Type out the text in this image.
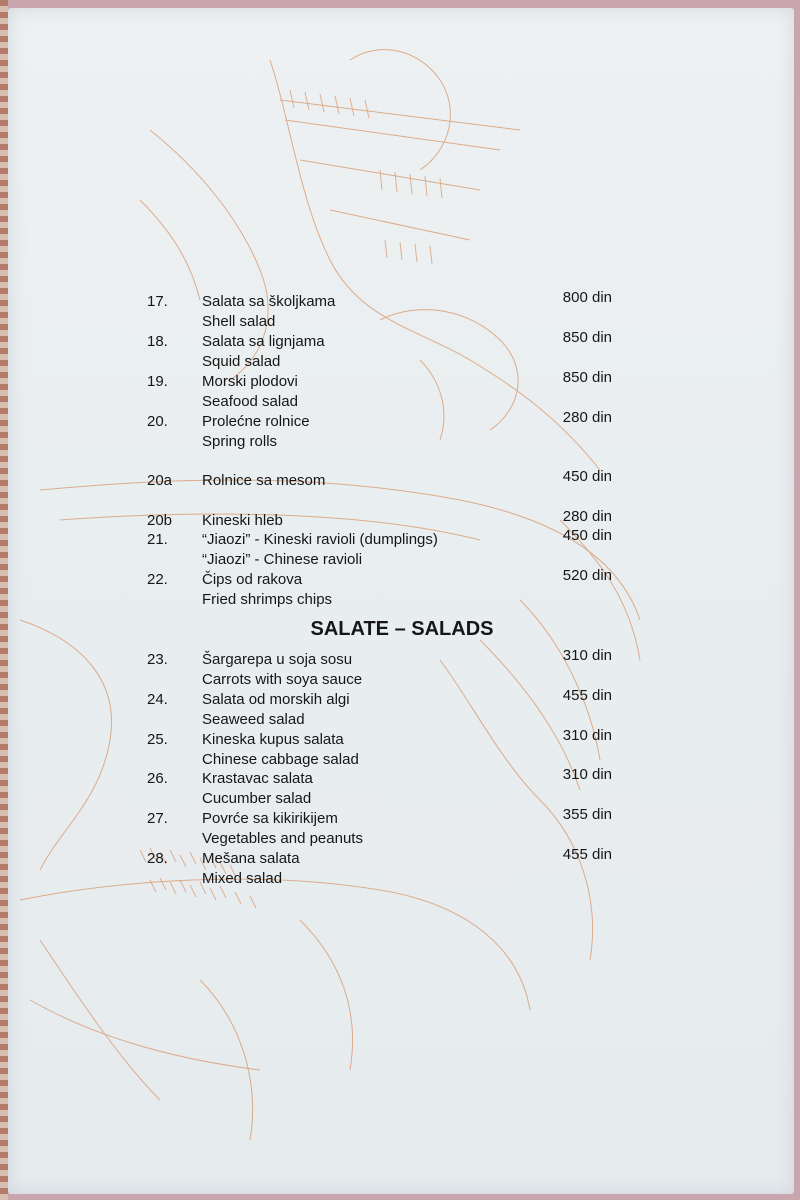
17. Salata sa školjkama
Shell salad
800 din
18. Salata sa lignjama
Squid salad
850 din
19. Morski plodovi
Seafood salad
850 din
20. Prolećne rolnice
Spring rolls
280 din
20a Rolnice sa mesom	450 din
20b Kineski hleb	280 din
21. “Jiaozi” - Kineski ravioli (dumplings)
“Jiaozi” - Chinese ravioli
450 din
22. Čips od rakova
Fried shrimps chips
520 din
SALATE – SALADS
23. Šargarepa u soja sosu
Carrots with soya sauce
310 din
24. Salata od morskih algi
Seaweed salad
455 din
25. Kineska kupus salata
Chinese cabbage salad
310 din
26. Krastavac salata
Cucumber salad
310 din
27. Povrće sa kikirikijem
Vegetables and peanuts
355 din
28. Mešana salata
Mixed salad
455 din
